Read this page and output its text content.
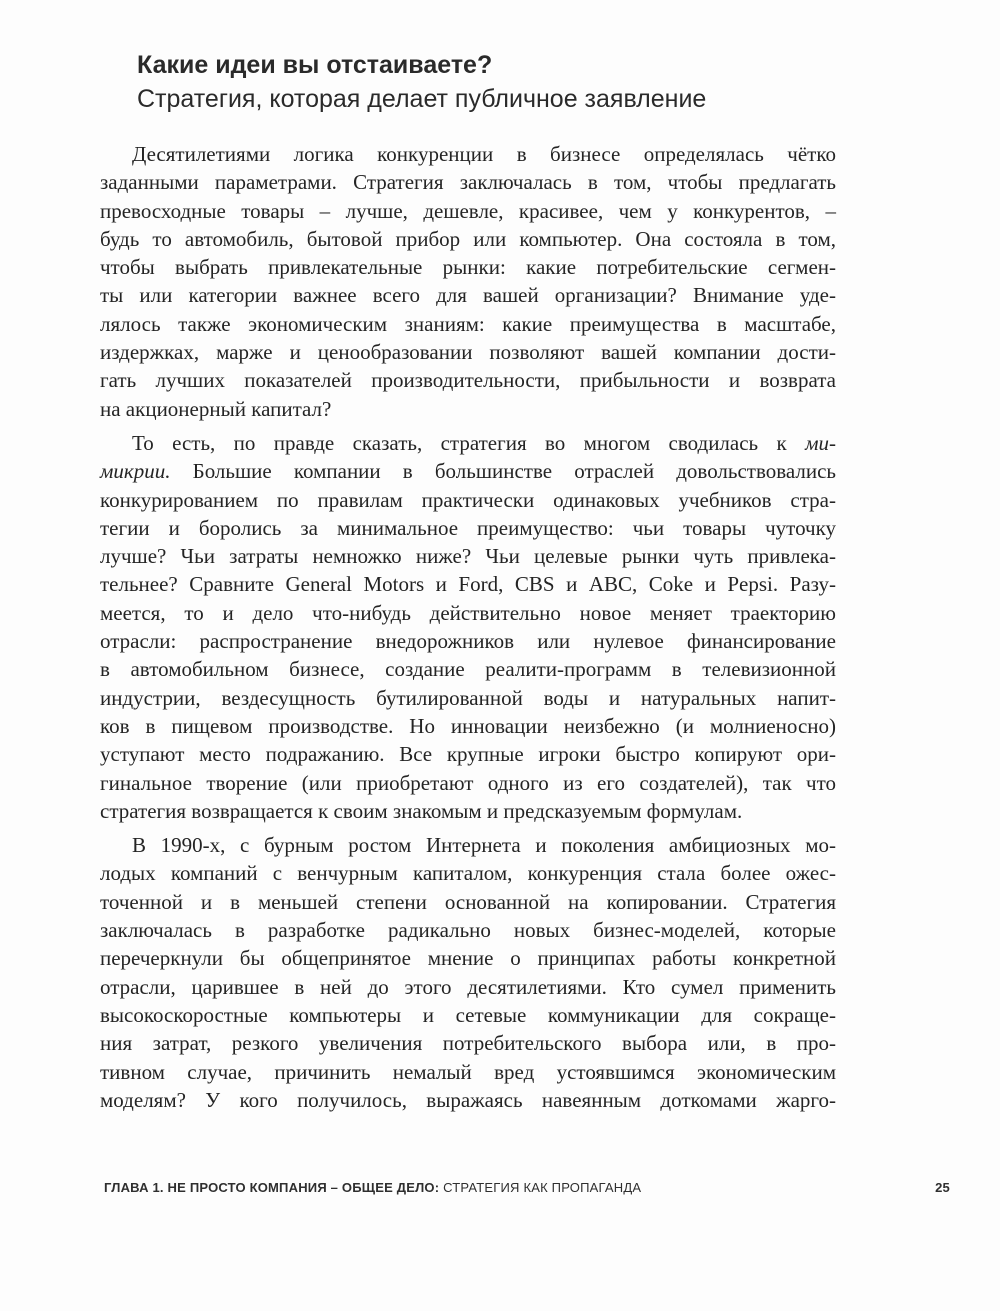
Какие идеи вы отстаиваете?
Стратегия, которая делает публичное заявление
Десятилетиями логика конкуренции в бизнесе определялась чётко
заданными параметрами. Стратегия заключалась в том, чтобы предлагать
превосходные товары – лучше, дешевле, красивее, чем у конкурентов, –
будь то автомобиль, бытовой прибор или компьютер. Она состояла в том,
чтобы выбрать привлекательные рынки: какие потребительские сегмен-
ты или категории важнее всего для вашей организации? Внимание уде-
лялось также экономическим знаниям: какие преимущества в масштабе,
издержках, марже и ценообразовании позволяют вашей компании дости-
гать лучших показателей производительности, прибыльности и возврата
на акционерный капитал?
То есть, по правде сказать, стратегия во многом сводилась к ми-
микрии. Большие компании в большинстве отраслей довольствовались
конкурированием по правилам практически одинаковых учебников стра-
тегии и боролись за минимальное преимущество: чьи товары чуточку
лучше? Чьи затраты немножко ниже? Чьи целевые рынки чуть привлека-
тельнее? Сравните General Motors и Ford, CBS и ABC, Coke и Pepsi. Разу-
меется, то и дело что-нибудь действительно новое меняет траекторию
отрасли: распространение внедорожников или нулевое финансирование
в автомобильном бизнесе, создание реалити-программ в телевизионной
индустрии, вездесущность бутилированной воды и натуральных напит-
ков в пищевом производстве. Но инновации неизбежно (и молниеносно)
уступают место подражанию. Все крупные игроки быстро копируют ори-
гинальное творение (или приобретают одного из его создателей), так что
стратегия возвращается к своим знакомым и предсказуемым формулам.
В 1990-х, с бурным ростом Интернета и поколения амбициозных мо-
лодых компаний с венчурным капиталом, конкуренция стала более ожес-
точенной и в меньшей степени основанной на копировании. Стратегия
заключалась в разработке радикально новых бизнес-моделей, которые
перечеркнули бы общепринятое мнение о принципах работы конкретной
отрасли, царившее в ней до этого десятилетиями. Кто сумел применить
высокоскоростные компьютеры и сетевые коммуникации для сокраще-
ния затрат, резкого увеличения потребительского выбора или, в про-
тивном случае, причинить немалый вред устоявшимся экономическим
моделям? У кого получилось, выражаясь навеянным доткомами жарго-
ГЛАВА 1. НЕ ПРОСТО КОМПАНИЯ – ОБЩЕЕ ДЕЛО: СТРАТЕГИЯ КАК ПРОПАГАНДА	25
